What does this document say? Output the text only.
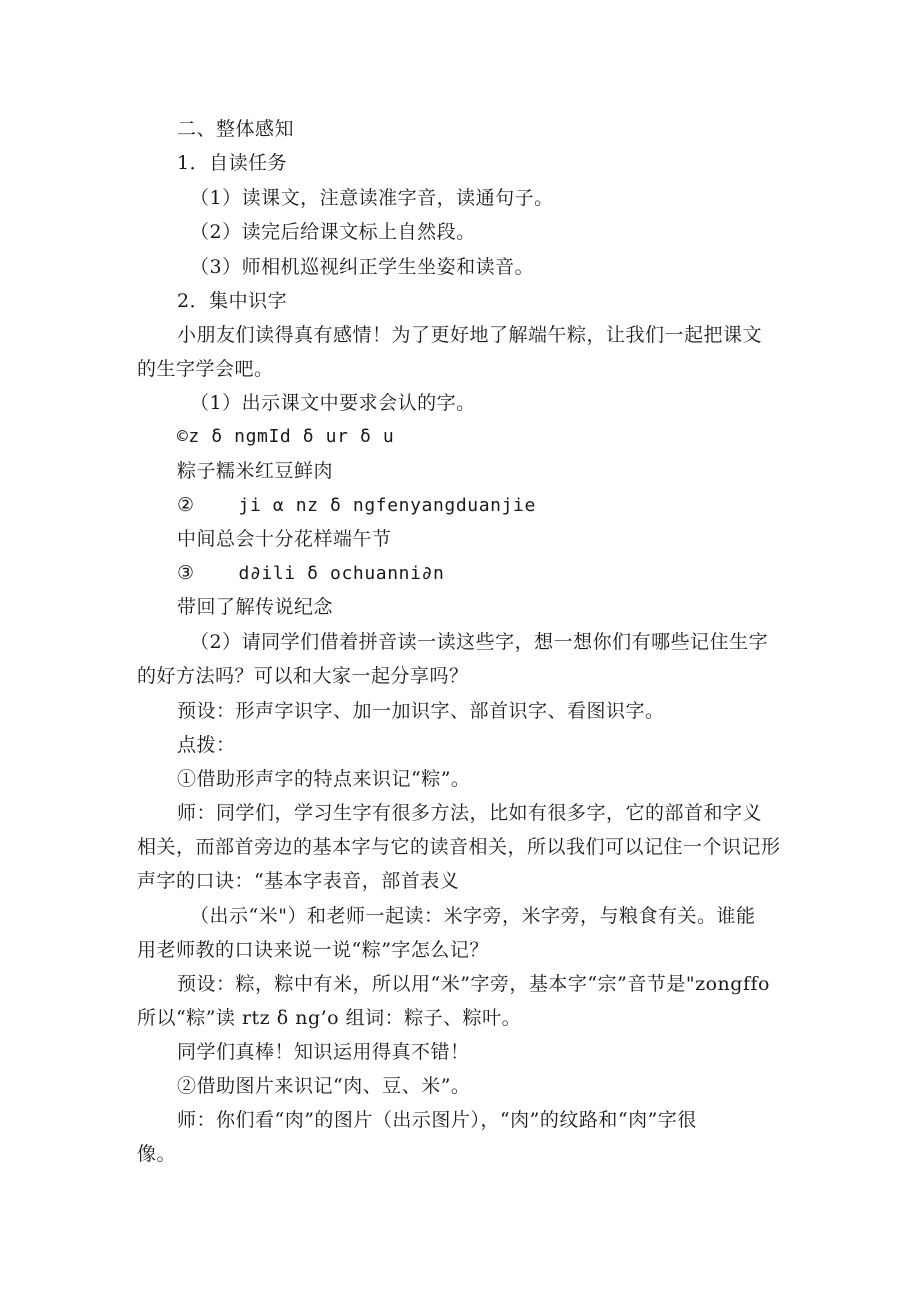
二、整体感知
1．自读任务
（1）读课文，注意读准字音，读通句子。
（2）读完后给课文标上自然段。
（3）师相机巡视纠正学生坐姿和读音。
2．集中识字
小朋友们读得真有感情！为了更好地了解端午粽，让我们一起把课文
的生字学会吧。
（1）出示课文中要求会认的字。
©z δ ngmId δ ur δ u
粽子糯米红豆鲜肉
② ji α nz δ ngfenyangduanjie
中间总会十分花样端午节
③ d∂ili δ ochuanni∂n
带回了解传说纪念
（2）请同学们借着拼音读一读这些字，想一想你们有哪些记住生字
的好方法吗？可以和大家一起分享吗？
预设：形声字识字、加一加识字、部首识字、看图识字。
点拨：
①借助形声字的特点来识记“粽”。
师：同学们，学习生字有很多方法，比如有很多字，它的部首和字义
相关，而部首旁边的基本字与它的读音相关，所以我们可以记住一个识记形
声字的口诀：“基本字表音，部首表义
（出示“米"）和老师一起读：米字旁，米字旁，与粮食有关。谁能
用老师教的口诀来说一说“粽”字怎么记？
预设：粽，粽中有米，所以用“米”字旁，基本字“宗”音节是"zongffo
所以“粽”读 rtz δ ng’o 组词：粽子、粽叶。
同学们真棒！知识运用得真不错！
②借助图片来识记“肉、豆、米”。
师：你们看“肉”的图片（出示图片），“肉”的纹路和“肉”字很
像。
